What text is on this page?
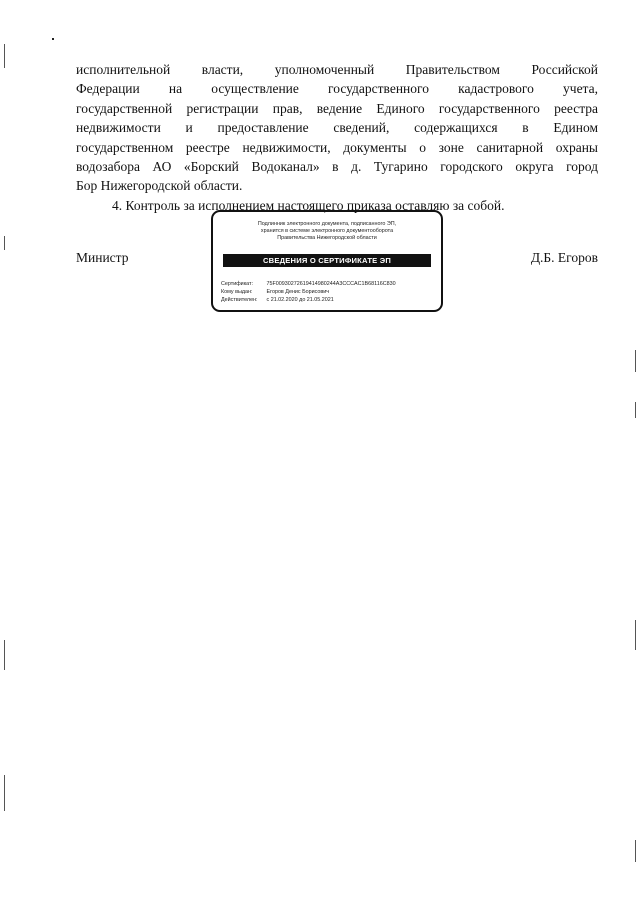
исполнительной власти, уполномоченный Правительством Российской
Федерации на осуществление государственного кадастрового учета,
государственной регистрации прав, ведение Единого государственного реестра
недвижимости и предоставление сведений, содержащихся в Едином
государственном реестре недвижимости, документы о зоне санитарной охраны
водозабора АО «Борский Водоканал» в д. Тугарино городского округа город
Бор Нижегородской области.
4. Контроль за исполнением настоящего приказа оставляю за собой.
Министр	Д.Б. Егоров
Подлинник электронного документа, подписанного ЭП,
хранится в системе электронного документооборота
Правительства Нижегородской области
СВЕДЕНИЯ О СЕРТИФИКАТЕ ЭП
Сертификат: 75F00930272619414980244A3CCCAC1B68116C830
Кому выдан:	Егоров Денис Борисович
Действителен: с 21.02.2020 до 21.05.2021
